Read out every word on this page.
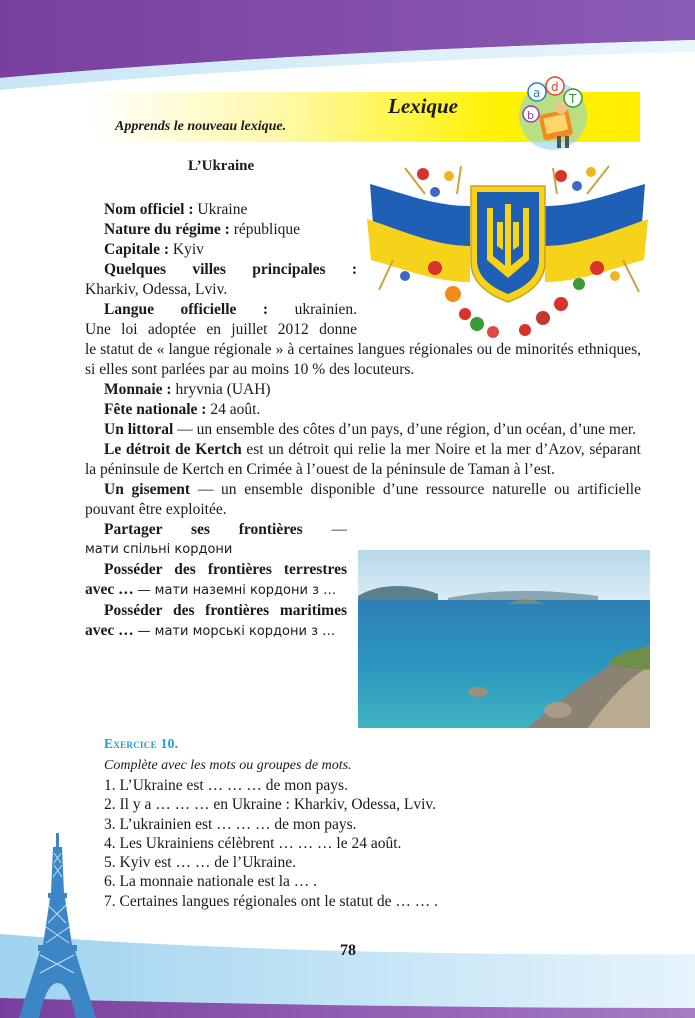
Lexique
Apprends le nouveau lexique.
a d
T
b
L’Ukraine

Nom officiel : Ukraine

Nature du régime : république

Capitale : Kyiv

Quelques villes principales :

Kharkiv, Odessa, Lviv.

Langue officielle : ukrainien.

Une loi adoptée en juillet 2012 donne

le statut de « langue régionale » à certaines langues régionales ou de minorités ethniques, si elles sont parlées par au moins 10 % des locuteurs.

Monnaie : hryvnia (UAH)

Fête nationale : 24 août.

Un littoral — un ensemble des côtes d’un pays, d’une région, d’un océan, d’une mer.

Le détroit de Kertch est un détroit qui relie la mer Noire et la mer d’Azov, séparant la péninsule de Kertch en Crimée à l’ouest de la péninsule de Taman à l’est.

Un gisement — un ensemble disponible d’une ressource naturelle ou artificielle pouvant être exploitée.

Partager ses frontières —

мати спільні кордони

Posséder des frontières terrestres avec … — мати наземні кордони з …

Posséder des frontières maritimes avec … — мати морські кордони з …

Exercice 10.
Complète avec les mots ou groupes de mots.
1. L’Ukraine est … … … de mon pays.
2. Il y a … … … en Ukraine : Kharkiv, Odessa, Lviv.
3. L’ukrainien est … … … de mon pays.
4. Les Ukrainiens célèbrent … … … le 24 août.
5. Kyiv est … … de l’Ukraine.
6. La monnaie nationale est la … .
7. Certaines langues régionales ont le statut de … … .
78
